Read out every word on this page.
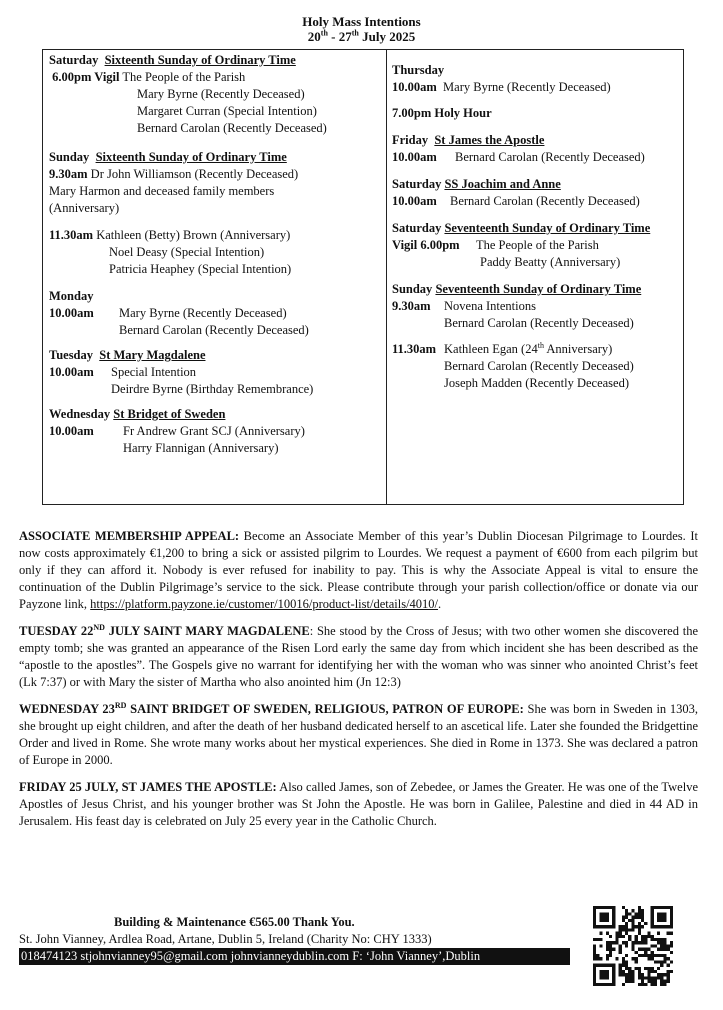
Holy Mass Intentions
20th - 27th July 2025
Saturday Sixteenth Sunday of Ordinary Time
6.00pm Vigil The People of the Parish
Mary Byrne (Recently Deceased)
Margaret Curran (Special Intention)
Bernard Carolan (Recently Deceased)
Sunday Sixteenth Sunday of Ordinary Time
9.30am Dr John Williamson (Recently Deceased)
Mary Harmon and deceased family members (Anniversary)
11.30am Kathleen (Betty) Brown (Anniversary)
Noel Deasy (Special Intention)
Patricia Heaphey (Special Intention)
Monday
10.00am Mary Byrne (Recently Deceased)
Bernard Carolan (Recently Deceased)
Tuesday St Mary Magdalene
10.00am Special Intention
Deirdre Byrne (Birthday Remembrance)
Wednesday St Bridget of Sweden
10.00am Fr Andrew Grant SCJ (Anniversary)
Harry Flannigan (Anniversary)
Thursday
10.00am Mary Byrne (Recently Deceased)
7.00pm Holy Hour
Friday St James the Apostle
10.00am Bernard Carolan (Recently Deceased)
Saturday SS Joachim and Anne
10.00am Bernard Carolan (Recently Deceased)
Saturday Seventeenth Sunday of Ordinary Time
Vigil 6.00pm The People of the Parish
Paddy Beatty (Anniversary)
Sunday Seventeenth Sunday of Ordinary Time
9.30am Novena Intentions
Bernard Carolan (Recently Deceased)
11.30am Kathleen Egan (24th Anniversary)
Bernard Carolan (Recently Deceased)
Joseph Madden (Recently Deceased)

ASSOCIATE MEMBERSHIP APPEAL: Become an Associate Member of this year’s Dublin Diocesan Pilgrimage to Lourdes. It now costs approximately €1,200 to bring a sick or assisted pilgrim to Lourdes. We request a payment of €600 from each pilgrim but only if they can afford it. Nobody is ever refused for inability to pay. This is why the Associate Appeal is vital to ensure the continuation of the Dublin Pilgrimage’s service to the sick. Please contribute through your parish collection/office or donate via our Payzone link, https://platform.payzone.ie/customer/10016/product-list/details/4010/.

TUESDAY 22ND JULY SAINT MARY MAGDALENE: She stood by the Cross of Jesus; with two other women she discovered the empty tomb; she was granted an appearance of the Risen Lord early the same day from which incident she has been described as the “apostle to the apostles”. The Gospels give no warrant for identifying her with the woman who was sinner who anointed Christ’s feet (Lk 7:37) or with Mary the sister of Martha who also anointed him (Jn 12:3)

WEDNESDAY 23RD SAINT BRIDGET OF SWEDEN, RELIGIOUS, PATRON OF EUROPE: She was born in Sweden in 1303, she brought up eight children, and after the death of her husband dedicated herself to an ascetical life. Later she founded the Bridgettine Order and lived in Rome. She wrote many works about her mystical experiences. She died in Rome in 1373. She was declared a patron of Europe in 2000.

FRIDAY 25 JULY, ST JAMES THE APOSTLE: Also called James, son of Zebedee, or James the Greater. He was one of the Twelve Apostles of Jesus Christ, and his younger brother was St John the Apostle. He was born in Galilee, Palestine and died in 44 AD in Jerusalem. His feast day is celebrated on July 25 every year in the Catholic Church.

Building & Maintenance €565.00 Thank You.
St. John Vianney, Ardlea Road, Artane, Dublin 5, Ireland (Charity No: CHY 1333)
018474123 stjohnvianney95@gmail.com johnvianneydublin.com F: ‘John Vianney’,Dublin
